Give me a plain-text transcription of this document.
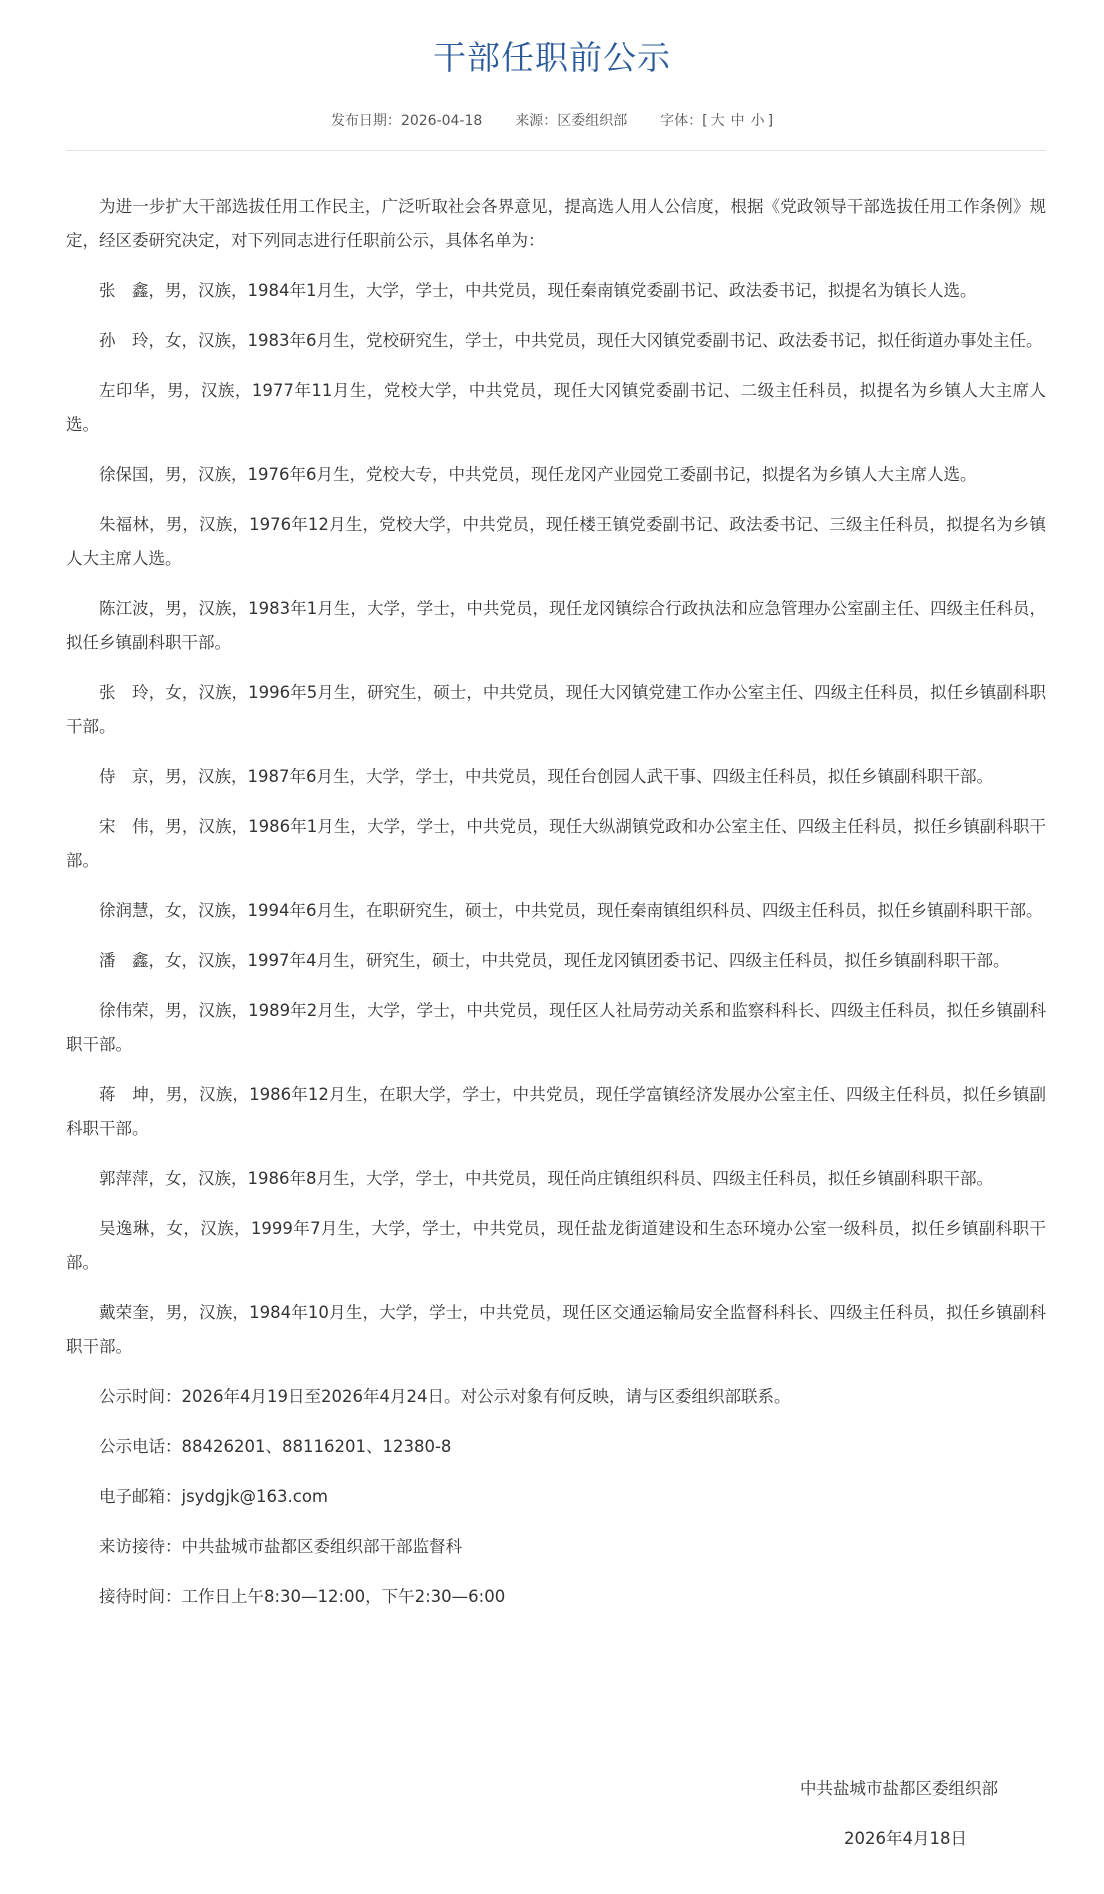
干部任职前公示
发布日期：2026-04-18 来源：区委组织部 字体：[ 大 中 小 ]

为进一步扩大干部选拔任用工作民主，广泛听取社会各界意见，提高选人用人公信度，根据《党政领导干部选拔任用工作条例》规定，经区委研究决定，对下列同志进行任职前公示，具体名单为：

张　鑫，男，汉族，1984年1月生，大学，学士，中共党员，现任秦南镇党委副书记、政法委书记，拟提名为镇长人选。

孙　玲，女，汉族，1983年6月生，党校研究生，学士，中共党员，现任大冈镇党委副书记、政法委书记，拟任街道办事处主任。

左印华，男，汉族，1977年11月生，党校大学，中共党员，现任大冈镇党委副书记、二级主任科员，拟提名为乡镇人大主席人选。

徐保国，男，汉族，1976年6月生，党校大专，中共党员，现任龙冈产业园党工委副书记，拟提名为乡镇人大主席人选。

朱福林，男，汉族，1976年12月生，党校大学，中共党员，现任楼王镇党委副书记、政法委书记、三级主任科员，拟提名为乡镇人大主席人选。

陈江波，男，汉族，1983年1月生，大学，学士，中共党员，现任龙冈镇综合行政执法和应急管理办公室副主任、四级主任科员，拟任乡镇副科职干部。

张　玲，女，汉族，1996年5月生，研究生，硕士，中共党员，现任大冈镇党建工作办公室主任、四级主任科员，拟任乡镇副科职干部。

侍　京，男，汉族，1987年6月生，大学，学士，中共党员，现任台创园人武干事、四级主任科员，拟任乡镇副科职干部。

宋　伟，男，汉族，1986年1月生，大学，学士，中共党员，现任大纵湖镇党政和办公室主任、四级主任科员，拟任乡镇副科职干部。

徐润慧，女，汉族，1994年6月生，在职研究生，硕士，中共党员，现任秦南镇组织科员、四级主任科员，拟任乡镇副科职干部。

潘　鑫，女，汉族，1997年4月生，研究生，硕士，中共党员，现任龙冈镇团委书记、四级主任科员，拟任乡镇副科职干部。

徐伟荣，男，汉族，1989年2月生，大学，学士，中共党员，现任区人社局劳动关系和监察科科长、四级主任科员，拟任乡镇副科职干部。

蒋　坤，男，汉族，1986年12月生，在职大学，学士，中共党员，现任学富镇经济发展办公室主任、四级主任科员，拟任乡镇副科职干部。

郭萍萍，女，汉族，1986年8月生，大学，学士，中共党员，现任尚庄镇组织科员、四级主任科员，拟任乡镇副科职干部。

吴逸琳，女，汉族，1999年7月生，大学，学士，中共党员，现任盐龙街道建设和生态环境办公室一级科员，拟任乡镇副科职干部。

戴荣奎，男，汉族，1984年10月生，大学，学士，中共党员，现任区交通运输局安全监督科科长、四级主任科员，拟任乡镇副科职干部。

公示时间：2026年4月19日至2026年4月24日。对公示对象有何反映，请与区委组织部联系。

公示电话：88426201、88116201、12380-8

电子邮箱：jsydgjk@163.com

来访接待：中共盐城市盐都区委组织部干部监督科

接待时间：工作日上午8:30—12:00，下午2:30—6:00

中共盐城市盐都区委组织部
2026年4月18日
